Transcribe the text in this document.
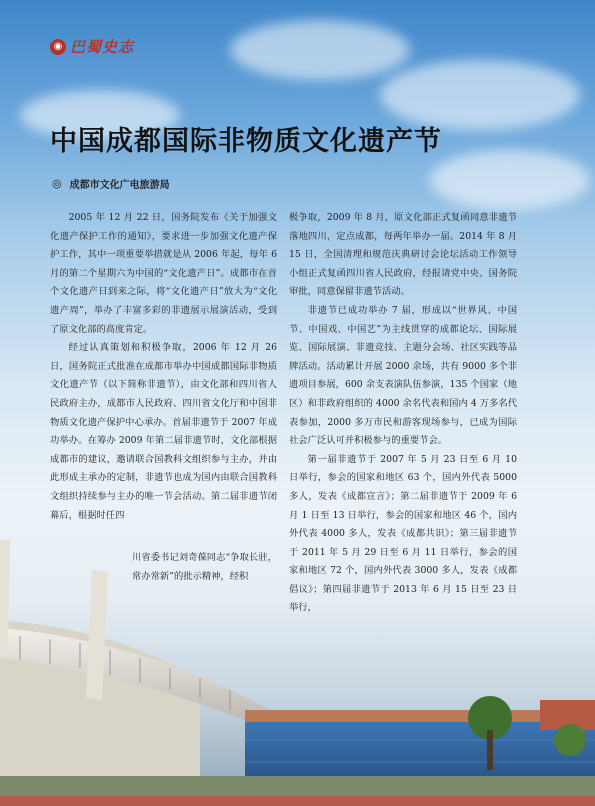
◉ 巴蜀史志
中国成都国际非物质文化遗产节
◎ 成都市文化广电旅游局

2005 年 12 月 22 日，国务院发布《关于加强文化遗产保护工作的通知》，要求进一步加强文化遗产保护工作，其中一项重要举措就是从 2006 年起，每年 6 月的第二个星期六为中国的“文化遗产日”。成都市在首个文化遗产日到来之际，将“文化遗产日”放大为“文化遗产周”，举办了丰富多彩的非遗展示展演活动，受到了原文化部的高度肯定。

经过认真策划和积极争取，2006 年 12 月 26 日，国务院正式批准在成都市举办中国成都国际非物质文化遗产节（以下简称非遗节），由文化部和四川省人民政府主办，成都市人民政府、四川省文化厅和中国非物质文化遗产保护中心承办。首届非遗节于 2007 年成功举办。在筹办 2009 年第二届非遗节时，文化部根据成都市的建议，邀请联合国教科文组织参与主办，并由此形成主承办的定制，非遗节也成为国内由联合国教科文组织持续参与主办的唯一节会活动。第二届非遗节闭幕后，根据时任四

川省委书记刘奇葆同志“争取长驻，常办常新”的批示精神，经积

极争取，2009 年 8 月，原文化部正式复函同意非遗节落地四川，定点成都，每两年举办一届。2014 年 8 月 15 日，全国清理和规范庆典研讨会论坛活动工作领导小组正式复函四川省人民政府，经报请党中央、国务院审批，同意保留非遗节活动。

非遗节已成功举办 7 届，形成以“世界风、中国节、中国戏、中国艺”为主线贯穿的成都论坛、国际展览、国际展演、非遗竞技、主题分会场、社区实践等品牌活动。活动累计开展 2000 余场，共有 9000 多个非遗项目参展，600 余支表演队伍参演，135 个国家（地区）和非政府组织的 4000 余名代表和国内 4 万多名代表参加，2000 多万市民和游客现场参与，已成为国际社会广泛认可并积极参与的重要节会。

第一届非遗节于 2007 年 5 月 23 日至 6 月 10 日举行，参会的国家和地区 63 个，国内外代表 5000 多人，发表《成都宣言》；第二届非遗节于 2009 年 6 月 1 日至 13 日举行，参会的国家和地区 46 个，国内外代表 4000 多人，发表《成都共识》；第三届非遗节于 2011 年 5 月 29 日至 6 月 11 日举行，参会的国家和地区 72 个，国内外代表 3000 多人，发表《成都倡议》；第四届非遗节于 2013 年 6 月 15 日至 23 日举行，
